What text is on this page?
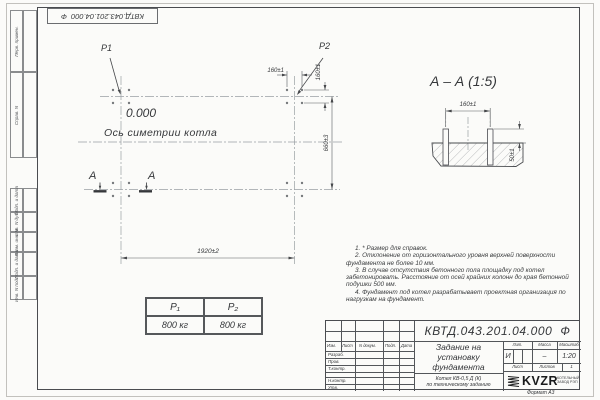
Перв. примен.
Справ. N
Подп. и дата
Инв. N дубл.
Взам. инв. N
Подп. и дата
Инв. N подл.
КВТД.043.201.04.000  Ф
Р1	Р2
0.000
Ось симетрии котла
160±1	160±1
660±3
1920±2
А	А
А – А (1:5)
160±1
50±1

1. * Размер для справок.

2. Отклонение от горизонтального уровня верхней поверхности фундамента не более 10 мм.

3. В случае отсутствия бетонного пола площадку под котел забетонировать. Расстояние от осей крайних колонн до края бетонной подушки 500 мм.

4. Фундамент под котел разрабатывает проектная организация по нагрузкам на фундамент.

Р₁	Р₂
800 кг	800 кг	КВТД.043.201.04.000  Ф
Изм. Лист N докум. Подп. Дата
Разраб.
Пров.
Т.контр.
Н.контр.
Утв.
Задание на
установку
фундамента
Котел КВ-0,5 Д (К)
по техническому заданию
Лит.	Масса	Масштаб
И	–	1:20
Лист	Листов	1
KVZR
КОТЕЛЬНЫЙ
ЗАВОД РЭП
Формат А3
